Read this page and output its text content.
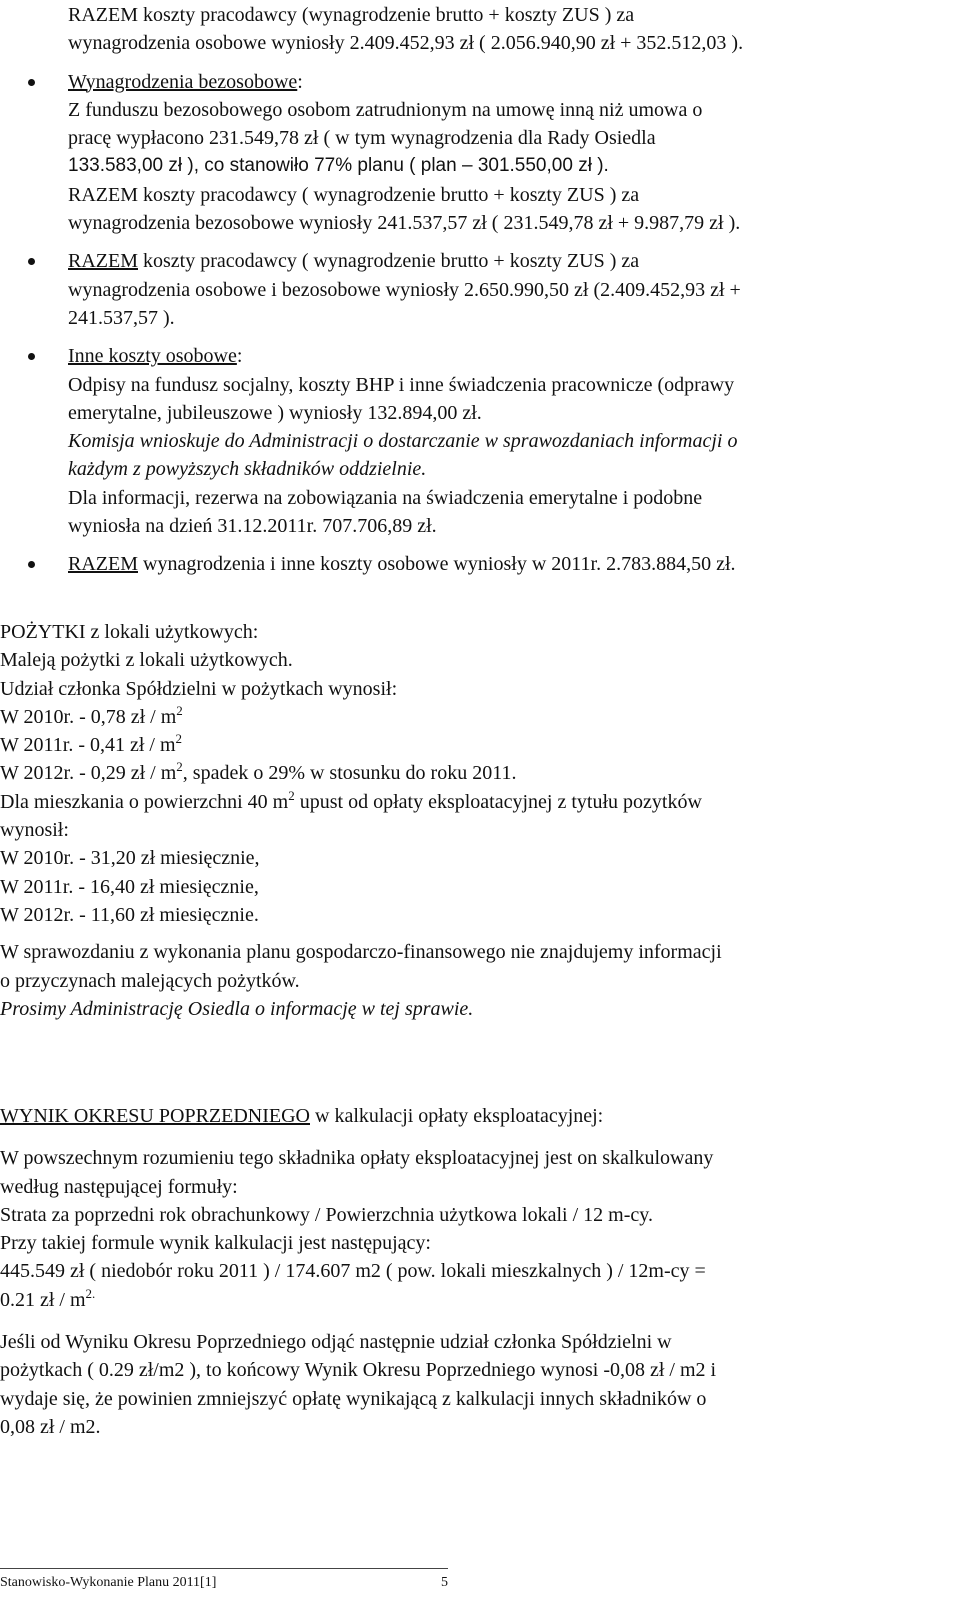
RAZEM koszty pracodawcy (wynagrodzenie brutto + koszty ZUS ) za
wynagrodzenia osobowe wyniosły 2.409.452,93 zł ( 2.056.940,90 zł + 352.512,03 ).
Wynagrodzenia bezosobowe:
Z funduszu bezosobowego osobom zatrudnionym na umowę inną niż umowa o
pracę wypłacono 231.549,78 zł ( w tym wynagrodzenia dla Rady Osiedla
133.583,00 zł ), co stanowiło 77% planu ( plan – 301.550,00 zł ).
RAZEM koszty pracodawcy ( wynagrodzenie brutto + koszty ZUS ) za
wynagrodzenia bezosobowe wyniosły 241.537,57 zł ( 231.549,78 zł + 9.987,79 zł ).
RAZEM koszty pracodawcy ( wynagrodzenie brutto + koszty ZUS ) za
wynagrodzenia osobowe i bezosobowe wyniosły 2.650.990,50 zł (2.409.452,93 zł +
241.537,57 ).
Inne koszty osobowe:
Odpisy na fundusz socjalny, koszty BHP i inne świadczenia pracownicze (odprawy
emerytalne, jubileuszowe ) wyniosły 132.894,00 zł.
Komisja wnioskuje do Administracji o dostarczanie w sprawozdaniach informacji o
każdym z powyższych składników oddzielnie.
Dla informacji, rezerwa na zobowiązania na świadczenia emerytalne i podobne
wyniosła na dzień 31.12.2011r. 707.706,89 zł.
RAZEM wynagrodzenia i inne koszty osobowe wyniosły w 2011r. 2.783.884,50 zł.
POŻYTKI z lokali użytkowych:
Maleją pożytki z lokali użytkowych.
Udział członka Spółdzielni w pożytkach wynosił:
W 2010r. - 0,78 zł / $m^2$
W 2011r. - 0,41 zł / $m^2$
W 2012r. - 0,29 zł / $m^2$, spadek o 29% w stosunku do roku 2011.
Dla mieszkania o powierzchni 40 $m^2$ upust od opłaty eksploatacyjnej z tytułu pozytków
wynosił:
W 2010r. - 31,20 zł miesięcznie,
W 2011r. - 16,40 zł miesięcznie,
W 2012r. - 11,60 zł miesięcznie.
W sprawozdaniu z wykonania planu gospodarczo-finansowego nie znajdujemy informacji
o przyczynach malejących pożytków.
Prosimy Administrację Osiedla o informację w tej sprawie.
WYNIK OKRESU POPRZEDNIEGO w kalkulacji opłaty eksploatacyjnej:
W powszechnym rozumieniu tego składnika opłaty eksploatacyjnej jest on skalkulowany
według następującej formuły:
Strata za poprzedni rok obrachunkowy / Powierzchnia użytkowa lokali / 12 m-cy.
Przy takiej formule wynik kalkulacji jest następujący:
445.549 zł ( niedobór roku 2011 ) / 174.607 m2 ( pow. lokali mieszkalnych ) / 12m-cy =
0.21 zł / $m^{2.}$
Jeśli od Wyniku Okresu Poprzedniego odjąć następnie udział członka Spółdzielni w
pożytkach ( 0.29 zł/m2 ), to końcowy Wynik Okresu Poprzedniego wynosi -0,08 zł / m2 i
wydaje się, że powinien zmniejszyć opłatę wynikającą z kalkulacji innych składników o
0,08 zł / m2.
Stanowisko-Wykonanie Planu 2011[1]	5
